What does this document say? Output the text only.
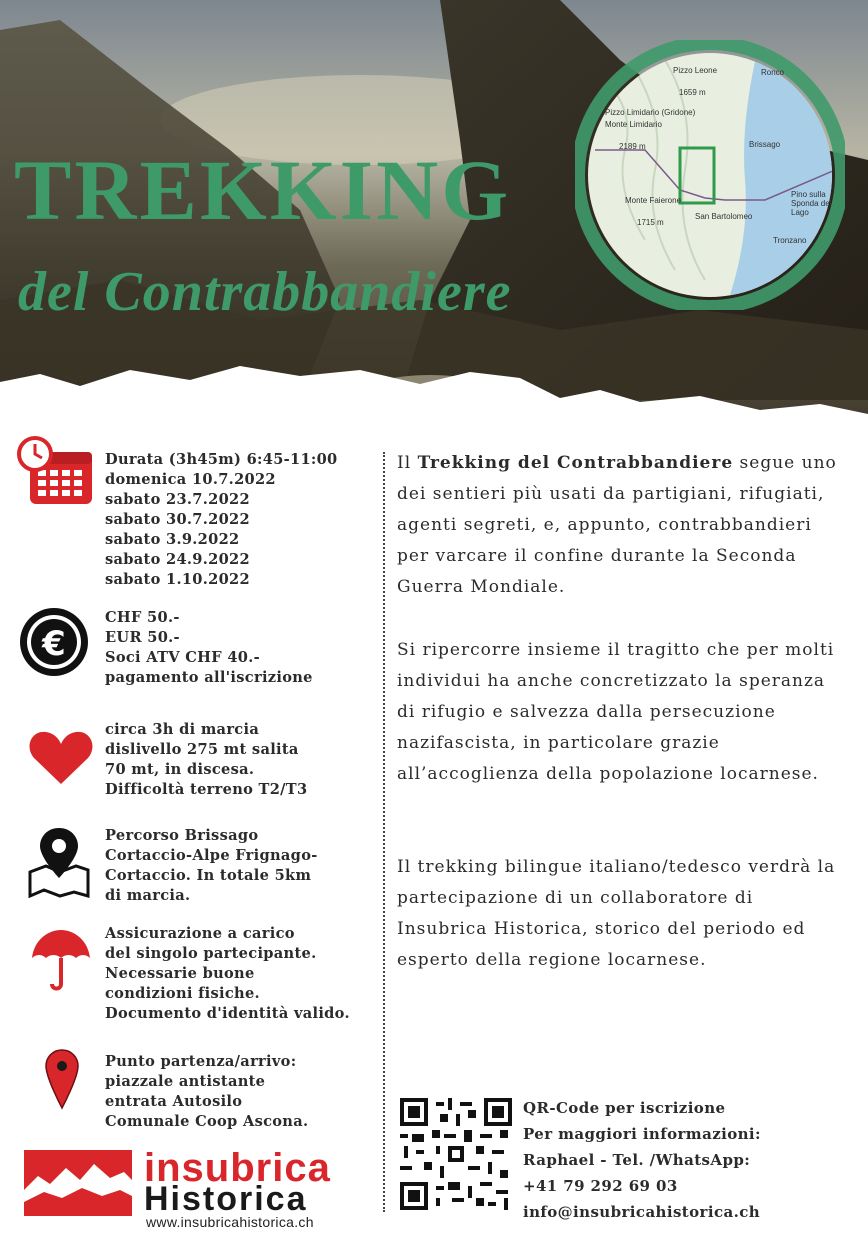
TREKKING
del Contrabbandiere
Pizzo Leone
1659 m
Pizzo Limidario (Gridone)
Monte Limidario
2189 m	Brissago
Monte Faierone
1715 m
San Bartolomeo
Pino sulla Sponda del Lago
Tronzano
Ronco
€
Durata (3h45m) 6:45-11:00
domenica 10.7.2022
sabato 23.7.2022
sabato 30.7.2022
sabato 3.9.2022
sabato 24.9.2022
sabato 1.10.2022
CHF 50.-
EUR 50.-
Soci ATV CHF 40.-
pagamento all'iscrizione
circa 3h di marcia
dislivello 275 mt salita
70 mt, in discesa.
Difficoltà terreno T2/T3
Percorso Brissago
Cortaccio-Alpe Frignago-
Cortaccio. In totale 5km
di marcia.
Assicurazione a carico
del singolo partecipante.
Necessarie buone
condizioni fisiche.
Documento d'identità valido.
Punto partenza/arrivo:
piazzale antistante
entrata Autosilo
Comunale Coop Ascona.
Il Trekking del Contrabbandiere segue uno dei sentieri più usati da partigiani, rifugiati, agenti segreti, e, appunto, contrabbandieri per varcare il confine durante la Seconda Guerra Mondiale.
Si ripercorre insieme il tragitto che per molti individui ha anche concretizzato la speranza di rifugio e salvezza dalla persecuzione nazifascista, in particolare grazie all’accoglienza della popolazione locarnese.
Il trekking bilingue italiano/tedesco verdrà la partecipazione di un collaboratore di Insubrica Historica, storico del periodo ed esperto della regione locarnese.
QR-Code per iscrizione
Per maggiori informazioni:
Raphael - Tel. /WhatsApp:
+41 79 292 69 03
info@insubricahistorica.ch
insubrica
Historica
www.insubricahistorica.ch
